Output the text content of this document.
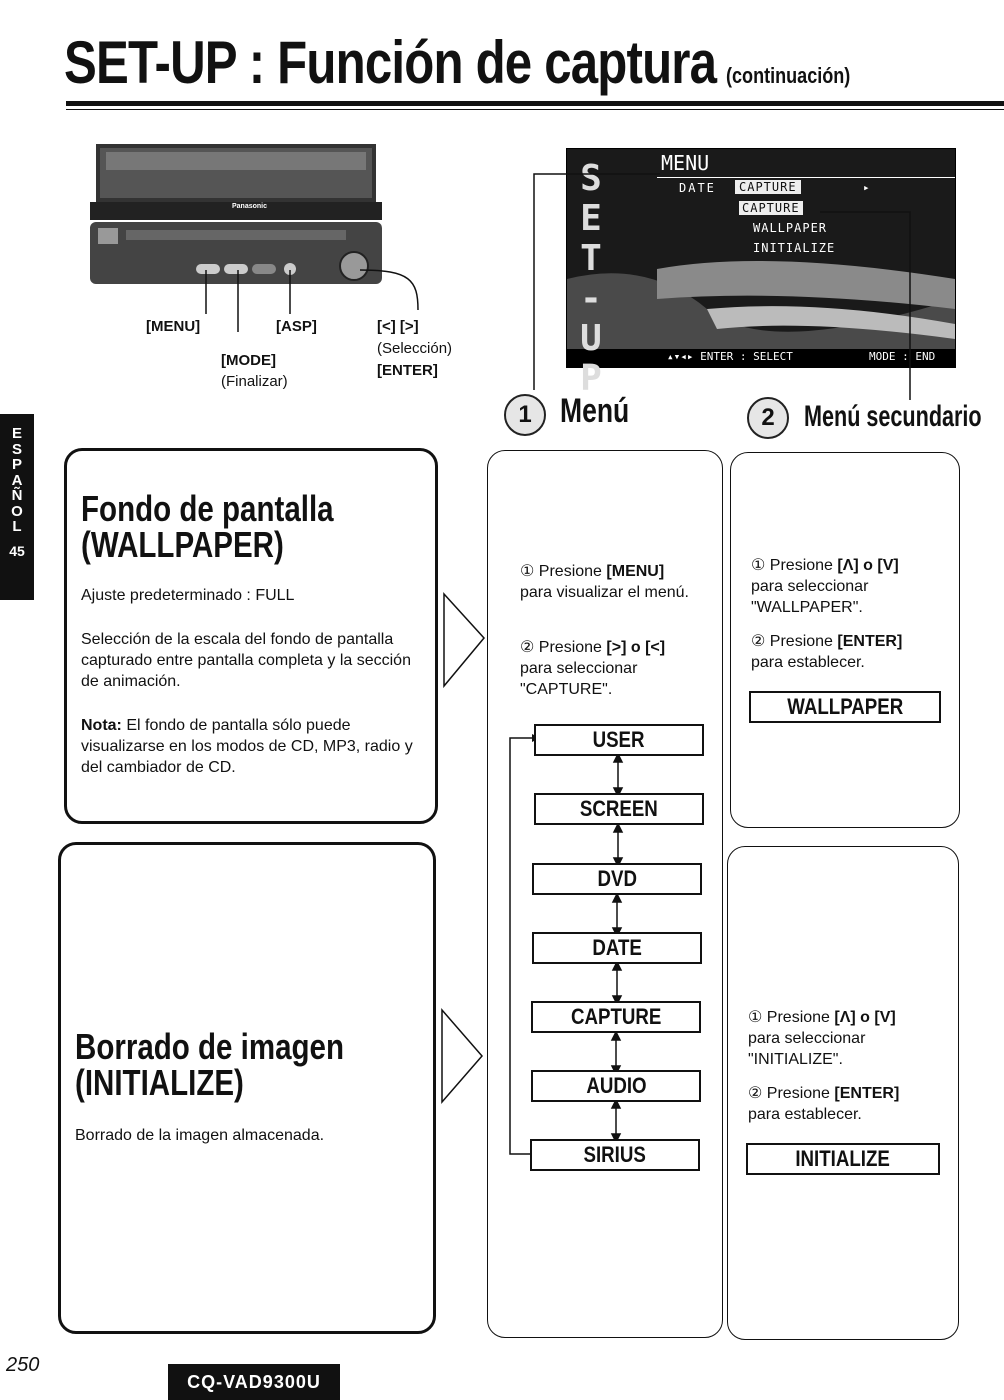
SET-UP : Función de captura (continuación)
E
S
P
A
Ñ
O
L
45
Panasonic
[MENU]	[ASP]
[MODE]
(Finalizar)
[<] [>]
(Selección)
[ENTER]
SET-UP
MENU
DATE	CAPTURE	▸
CAPTURE
WALLPAPER
INITIALIZE
▴▾◂▸ ENTER : SELECT	MODE : END
1 Menú	2 Menú secundario
Fondo de pantalla
(WALLPAPER)
Ajuste predeterminado : FULL
Selección de la escala del fondo de pantalla capturado entre pantalla completa y la sección de animación.
Nota: El fondo de pantalla sólo puede visualizarse en los modos de CD, MP3, radio y del cambiador de CD.
Borrado de imagen
(INITIALIZE)
Borrado de la imagen almacenada.
① Presione [MENU]
para visualizar el menú.
② Presione [>] o [<]
para seleccionar "CAPTURE".
USER
SCREEN
DVD
DATE
CAPTURE
AUDIO
SIRIUS
① Presione [Λ] o [V]
para seleccionar "WALLPAPER".
② Presione [ENTER]
para establecer.
WALLPAPER
① Presione [Λ] o [V]
para seleccionar "INITIALIZE".
② Presione [ENTER]
para establecer.
INITIALIZE
250
CQ-VAD9300U
